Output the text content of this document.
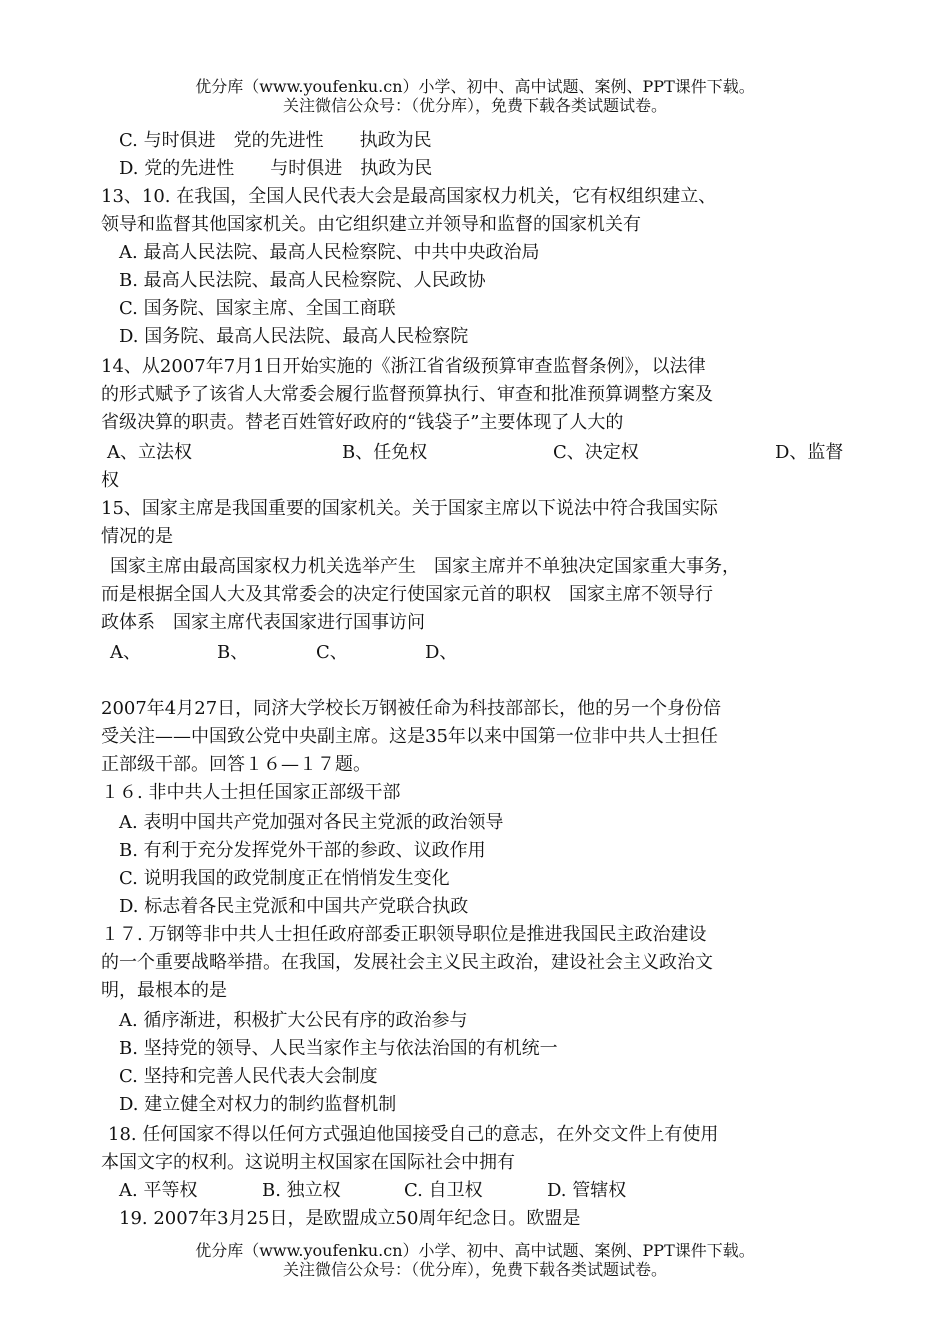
优分库（www.youfenku.cn）小学、初中、高中试题、案例、PPT课件下载。
关注微信公众号：（优分库），免费下载各类试题试卷。
C. 与时俱进　党的先进性　　执政为民
D. 党的先进性　　与时俱进　执政为民
13、10. 在我国，全国人民代表大会是最高国家权力机关，它有权组织建立、
领导和监督其他国家机关。由它组织建立并领导和监督的国家机关有
A. 最高人民法院、最高人民检察院、中共中央政治局
B. 最高人民法院、最高人民检察院、人民政协
C. 国务院、国家主席、全国工商联
D. 国务院、最高人民法院、最高人民检察院
14、从2007年7月1日开始实施的《浙江省省级预算审查监督条例》，以法律
的形式赋予了该省人大常委会履行监督预算执行、审查和批准预算调整方案及
省级决算的职责。替老百姓管好政府的“钱袋子”主要体现了人大的
A、立法权	B、任免权	C、决定权	D、监督
权
15、国家主席是我国重要的国家机关。关于国家主席以下说法中符合我国实际
情况的是
国家主席由最高国家权力机关选举产生　国家主席并不单独决定国家重大事务，
而是根据全国人大及其常委会的决定行使国家元首的职权　国家主席不领导行
政体系　国家主席代表国家进行国事访问
A、	B、	C、	D、
2007年4月27日，同济大学校长万钢被任命为科技部部长，他的另一个身份倍
受关注——中国致公党中央副主席。这是35年以来中国第一位非中共人士担任
正部级干部。回答１６—１７题。
１６. 非中共人士担任国家正部级干部
A. 表明中国共产党加强对各民主党派的政治领导
B. 有利于充分发挥党外干部的参政、议政作用
C. 说明我国的政党制度正在悄悄发生变化
D. 标志着各民主党派和中国共产党联合执政
１７. 万钢等非中共人士担任政府部委正职领导职位是推进我国民主政治建设
的一个重要战略举措。在我国，发展社会主义民主政治，建设社会主义政治文
明，最根本的是
A. 循序渐进，积极扩大公民有序的政治参与
B. 坚持党的领导、人民当家作主与依法治国的有机统一
C. 坚持和完善人民代表大会制度
D. 建立健全对权力的制约监督机制
18. 任何国家不得以任何方式强迫他国接受自己的意志，在外交文件上有使用
本国文字的权利。这说明主权国家在国际社会中拥有
A. 平等权	B. 独立权	C. 自卫权	D. 管辖权
19. 2007年3月25日，是欧盟成立50周年纪念日。欧盟是
优分库（www.youfenku.cn）小学、初中、高中试题、案例、PPT课件下载。
关注微信公众号：（优分库），免费下载各类试题试卷。
